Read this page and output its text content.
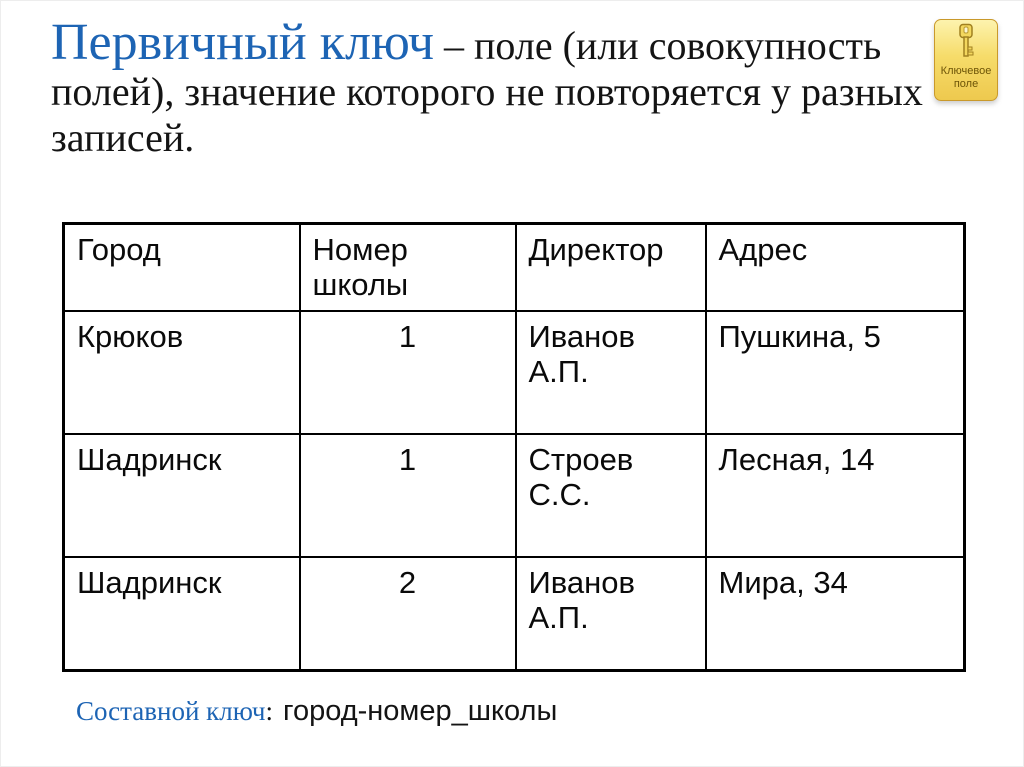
Первичный ключ – поле (или совокупность
полей), значение которого не повторяется у разных
записей.
Ключевое поле
Город	Номер школы	Директор	Адрес
Крюков	1	Иванов А.П.	Пушкина, 5
Шадринск	1	Строев С.С.	Лесная, 14
Шадринск	2	Иванов А.П.	Мира, 34
Составной ключ: город-номер_школы
